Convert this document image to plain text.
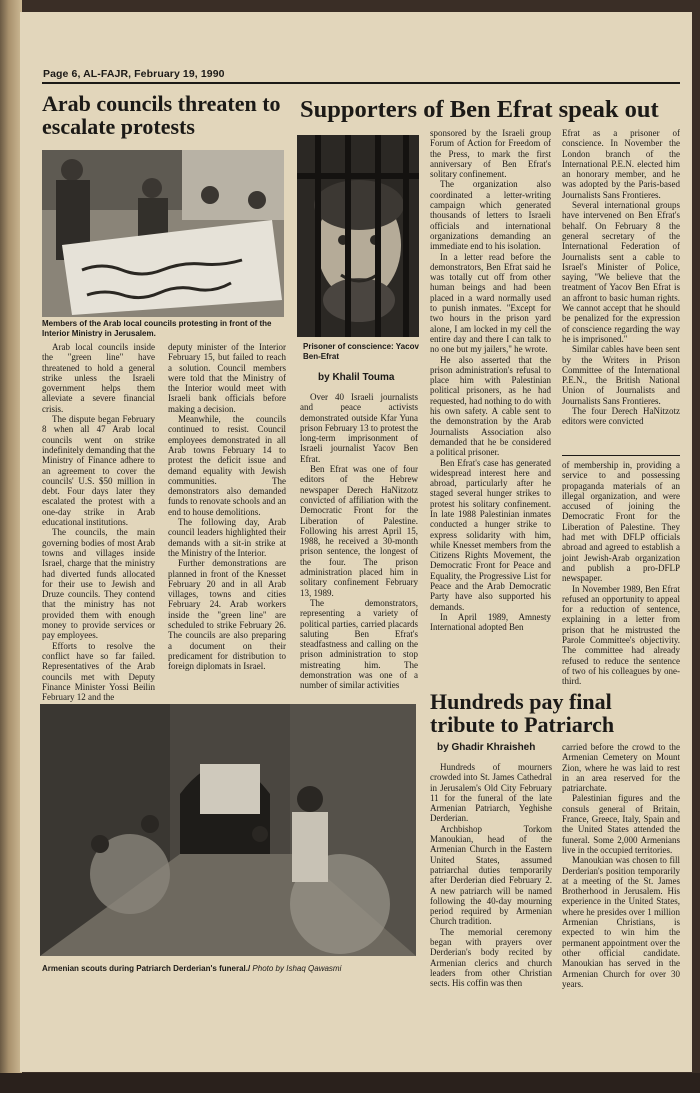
Page 6, AL-FAJR, February 19, 1990
Arab councils threaten to escalate protests
Members of the Arab local councils protesting in front of the Interior Ministry in Jerusalem.

Arab local councils inside the "green line" have threatened to hold a general strike unless the Israeli government helps them alleviate a severe financial crisis.

The dispute began February 8 when all 47 Arab local councils went on strike indefinitely demanding that the Ministry of Finance adhere to an agreement to cover the councils' U.S. $50 million in debt. Four days later they escalated the protest with a one-day strike in Arab educational institutions.

The councils, the main governing bodies of most Arab towns and villages inside Israel, charge that the ministry had diverted funds allocated for their use to Jewish and Druze councils. They contend that the ministry has not provided them with enough money to provide services or pay employees.

Efforts to resolve the conflict have so far failed. Representatives of the Arab councils met with Deputy Finance Minister Yossi Beilin February 12 and the

deputy minister of the Interior February 15, but failed to reach a solution. Council members were told that the Ministry of the Interior would meet with Israeli bank officials before making a decision.

Meanwhile, the councils continued to resist. Council employees demonstrated in all Arab towns February 14 to protest the deficit issue and demand equality with Jewish communities. The demonstrators also demanded funds to renovate schools and an end to house demolitions.

The following day, Arab council leaders highlighted their demands with a sit-in strike at the Ministry of the Interior.

Further demonstrations are planned in front of the Knesset February 20 and in all Arab villages, towns and cities February 24. Arab workers inside the "green line" are scheduled to strike February 26. The councils are also preparing a document on their predicament for distribution to foreign diplomats in Israel.

Supporters of Ben Efrat speak out
Prisoner of conscience: Yacov Ben-Efrat
by Khalil Touma

Over 40 Israeli journalists and peace activists demonstrated outside Kfar Yuna prison February 13 to protest the long-term imprisonment of Israeli journalist Yacov Ben Efrat.

Ben Efrat was one of four editors of the Hebrew newspaper Derech HaNitzotz convicted of affiliation with the Democratic Front for the Liberation of Palestine. Following his arrest April 15, 1988, he received a 30-month prison sentence, the longest of the four. The prison administration placed him in solitary confinement February 13, 1989.

The demonstrators, representing a variety of political parties, carried placards saluting Ben Efrat's steadfastness and calling on the prison administration to stop mistreating him. The demonstration was one of a number of similar activities

sponsored by the Israeli group Forum of Action for Freedom of the Press, to mark the first anniversary of Ben Efrat's solitary confinement.

The organization also coordinated a letter-writing campaign which generated thousands of letters to Israeli officials and international organizations demanding an immediate end to his isolation.

In a letter read before the demonstrators, Ben Efrat said he was totally cut off from other human beings and had been placed in a ward normally used to punish inmates. "Except for two hours in the prison yard alone, I am locked in my cell the entire day and there I can talk to no one but my jailers," he wrote.

He also asserted that the prison administration's refusal to place him with Palestinian political prisoners, as he had requested, had nothing to do with his own safety. A cable sent to the demonstration by the Arab Journalists Association also demanded that he be considered a political prisoner.

Ben Efrat's case has generated widespread interest here and abroad, particularly after he staged several hunger strikes to protest his solitary confinement. In late 1988 Palestinian inmates conducted a hunger strike to express solidarity with him, while Knesset members from the Citizens Rights Movement, the Democratic Front for Peace and Equality, the Progressive List for Peace and the Arab Democratic Party have also supported his demands.

In April 1989, Amnesty International adopted Ben

Efrat as a prisoner of conscience. In November the London branch of the International P.E.N. elected him an honorary member, and he was adopted by the Paris-based Journalists Sans Frontieres.

Several international groups have intervened on Ben Efrat's behalf. On February 8 the general secretary of the International Federation of Journalists sent a cable to Israel's Minister of Police, saying, "We believe that the treatment of Yacov Ben Efrat is an affront to basic human rights. We cannot accept that he should be penalized for the expression of conscience regarding the way he is imprisoned."

Similar cables have been sent by the Writers in Prison Committee of the International P.E.N., the British National Union of Journalists and Journalists Sans Frontieres.

The four Derech HaNitzotz editors were convicted

of membership in, providing a service to and possessing propaganda materials of an illegal organization, and were accused of joining the Democratic Front for the Liberation of Palestine. They had met with DFLP officials abroad and agreed to establish a joint Jewish-Arab organization and publish a pro-DFLP newspaper.

In November 1989, Ben Efrat refused an opportunity to appeal for a reduction of sentence, explaining in a letter from prison that he mistrusted the Parole Committee's objectivity. The committee had already refused to reduce the sentence of two of his colleagues by one-third.

Armenian scouts during Patriarch Derderian's funeral./ Photo by Ishaq Qawasmi
Hundreds pay final tribute to Patriarch
by Ghadir Khraisheh

Hundreds of mourners crowded into St. James Cathedral in Jerusalem's Old City February 11 for the funeral of the late Armenian Patriarch, Yeghishe Derderian.

Archbishop Torkom Manoukian, head of the Armenian Church in the Eastern United States, assumed patriarchal duties temporarily after Derderian died February 2. A new patriarch will be named following the 40-day mourning period required by Armenian Church tradition.

The memorial ceremony began with prayers over Derderian's body recited by Armenian clerics and church leaders from other Christian sects. His coffin was then

carried before the crowd to the Armenian Cemetery on Mount Zion, where he was laid to rest in an area reserved for the patriarchate.

Palestinian figures and the consuls general of Britain, France, Greece, Italy, Spain and the United States attended the funeral. Some 2,000 Armenians live in the occupied territories.

Manoukian was chosen to fill Derderian's position temporarily at a meeting of the St. James Brotherhood in Jerusalem. His experience in the United States, where he presides over 1 million Armenian Christians, is expected to win him the permanent appointment over the other official candidate. Manoukian has served in the Armenian Church for over 30 years.
